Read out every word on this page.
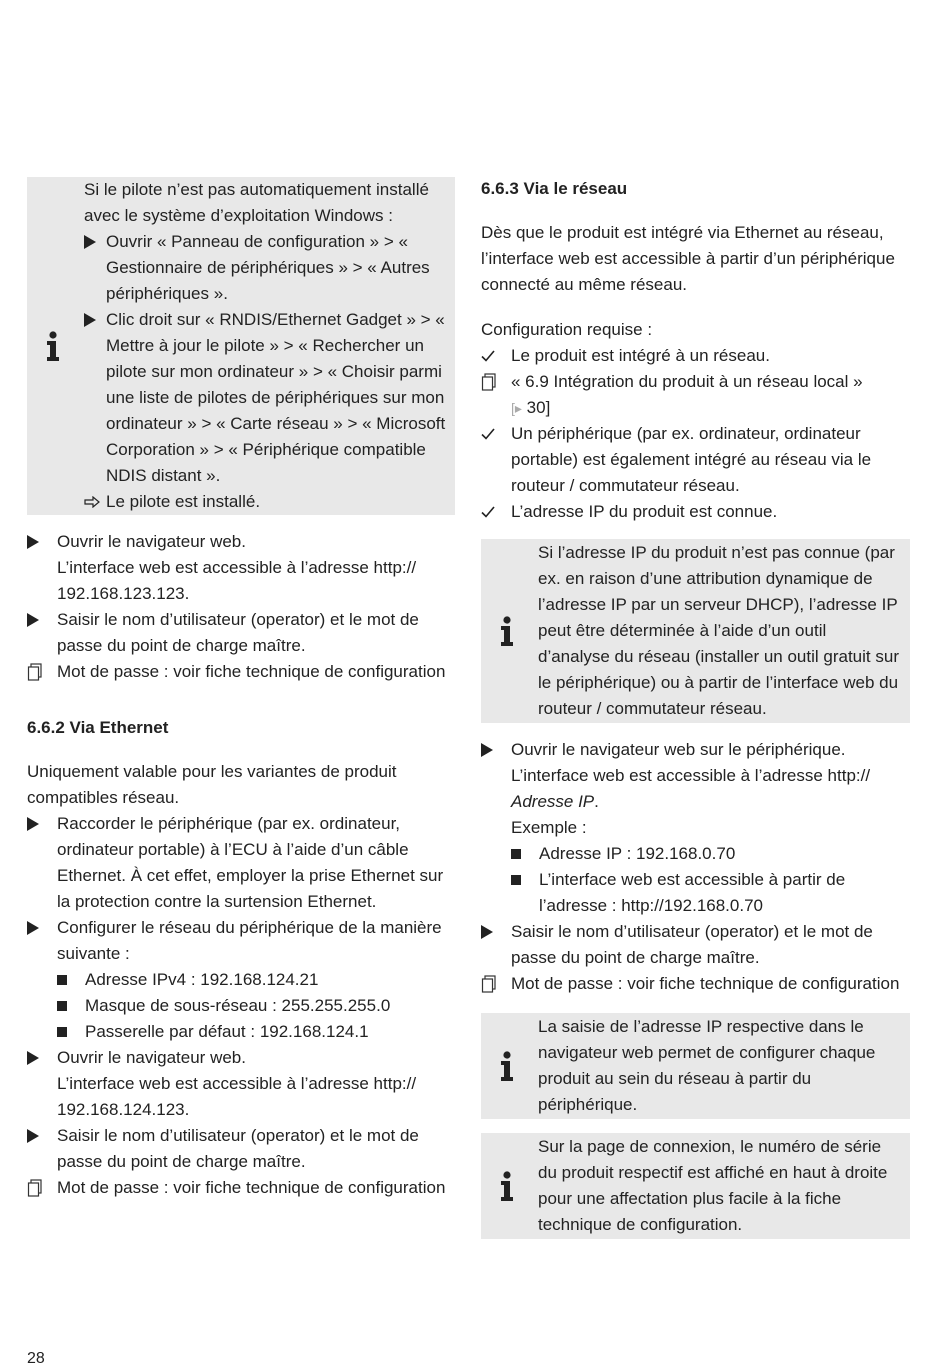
Si le pilote n’est pas automatiquement installé avec le système d’exploitation Windows :

Ouvrir « Panneau de configuration » > « Gestionnaire de périphériques » > « Autres périphériques ».

Clic droit sur « RNDIS/Ethernet Gadget » > « Mettre à jour le pilote » > « Rechercher un pilote sur mon ordinateur » > « Choisir parmi une liste de pilotes de périphériques sur mon ordinateur » > « Carte réseau » > « Microsoft Corporation » > « Périphérique compatible NDIS distant ».

Le pilote est installé.

Ouvrir le navigateur web.

L’interface web est accessible à l’adresse http:// 192.168.123.123.

Saisir le nom d’utilisateur (operator) et le mot de passe du point de charge maître.

Mot de passe : voir fiche technique de configuration

6.6.2 Via Ethernet

Uniquement valable pour les variantes de produit compatibles réseau.

Raccorder le périphérique (par ex. ordinateur, ordinateur portable) à l’ECU à l’aide d’un câble Ethernet. À cet effet, employer la prise Ethernet sur la protection contre la surtension Ethernet.

Configurer le réseau du périphérique de la manière suivante :

Adresse IPv4 : 192.168.124.21

Masque de sous-réseau : 255.255.255.0

Passerelle par défaut : 192.168.124.1

Ouvrir le navigateur web.

L’interface web est accessible à l’adresse http:// 192.168.124.123.

Saisir le nom d’utilisateur (operator) et le mot de passe du point de charge maître.

Mot de passe : voir fiche technique de configuration

6.6.3 Via le réseau

Dès que le produit est intégré via Ethernet au réseau, l’interface web est accessible à partir d’un périphérique connecté au même réseau.

Configuration requise :

Le produit est intégré à un réseau.

« 6.9 Intégration du produit à un réseau local »
[▸ 30]

Un périphérique (par ex. ordinateur, ordinateur portable) est également intégré au réseau via le routeur / commutateur réseau.

L’adresse IP du produit est connue.

Si l’adresse IP du produit n’est pas connue (par ex. en raison d’une attribution dynamique de l’adresse IP par un serveur DHCP), l’adresse IP peut être déterminée à l’aide d’un outil d’analyse du réseau (installer un outil gratuit sur le périphérique) ou à partir de l’interface web du routeur / commutateur réseau.

Ouvrir le navigateur web sur le périphérique.

L’interface web est accessible à l’adresse http://
Adresse IP.

Exemple :

Adresse IP : 192.168.0.70

L’interface web est accessible à partir de l’adresse : http://192.168.0.70

Saisir le nom d’utilisateur (operator) et le mot de passe du point de charge maître.

Mot de passe : voir fiche technique de configuration

La saisie de l’adresse IP respective dans le navigateur web permet de configurer chaque produit au sein du réseau à partir du périphérique.

Sur la page de connexion, le numéro de série du produit respectif est affiché en haut à droite pour une affectation plus facile à la fiche technique de configuration.

28
